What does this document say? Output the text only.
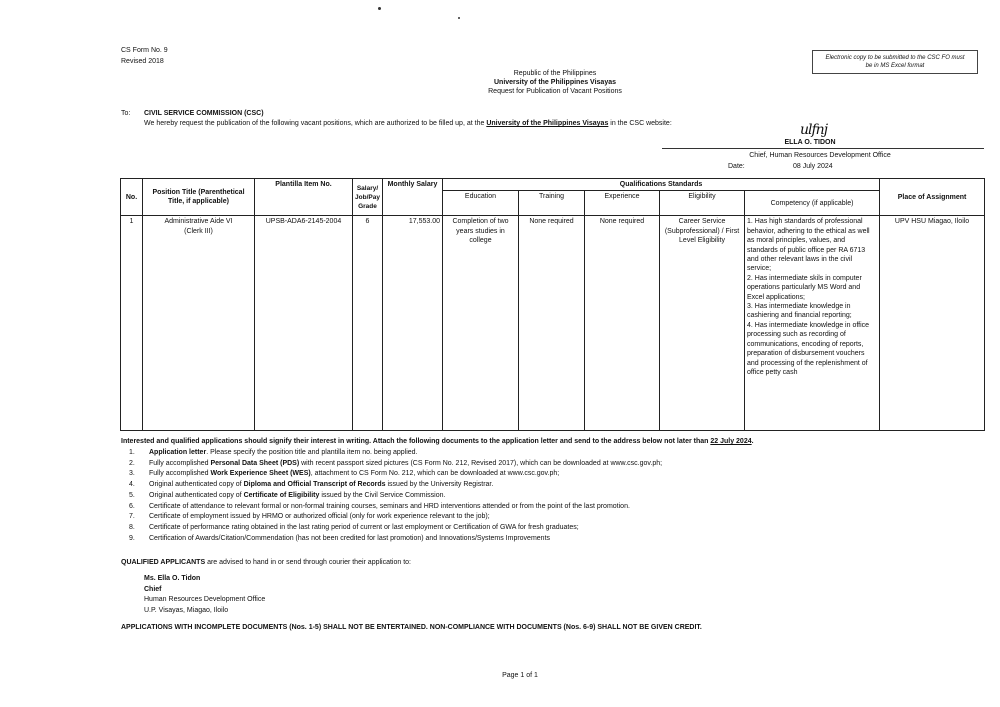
CS Form No. 9
Revised 2018	Electronic copy to be submitted to the CSC FO must
be in MS Excel format
Republic of the Philippines
University of the Philippines Visayas
Request for Publication of Vacant Positions
To: CIVIL SERVICE COMMISSION (CSC)
We hereby request the publication of the following vacant positions, which are authorized to be filled up, at the University of the Philippines Visayas in the CSC website:	ulfnj
ELLA O. TIDON
Chief, Human Resources Development Office
Date:	08 July 2024
No.	Position Title (Parenthetical Title, if applicable)	Plantilla Item No.	Salary/ Job/Pay Grade	Monthly Salary	Qualifications Standards					Place of Assignment
					Education	Training	Experience	Eligibility	Competency (if applicable)	
1	Administrative Aide VI (Clerk III)	UPSB-ADA6-2145-2004	6	17,553.00	Completion of two years studies in college	None required	None required	Career Service (Subprofessional) / First Level Eligibility	1. Has high standards of professional behavior, adhering to the ethical as well as moral principles, values, and standards of public office per RA 6713 and other relevant laws in the civil service;
2. Has intermediate skils in computer operations particularly MS Word and Excel applications;
3. Has intermediate knowledge in cashiering and financial reporting;
4. Has intermediate knowledge in office processing such as recording of communications, encoding of reports, preparation of disbursement vouchers and processing of the replenishment of office petty cash	UPV HSU Miagao, Iloilo
Interested and qualified applications should signify their interest in writing. Attach the following documents to the application letter and send to the address below not later than 22 July 2024.
1. Application letter. Please specify the position title and plantilla item no. being applied.
2. Fully accomplished Personal Data Sheet (PDS) with recent passport sized pictures (CS Form No. 212, Revised 2017), which can be downloaded at www.csc.gov.ph;
3. Fully accomplished Work Experience Sheet (WES), attachment to CS Form No. 212, which can be downloaded at www.csc.gov.ph;
4. Original authenticated copy of Diploma and Official Transcript of Records issued by the University Registrar.
5. Original authenticated copy of Certificate of Eligibility issued by the Civil Service Commission.
6. Certificate of attendance to relevant formal or non-formal training courses, seminars and HRD interventions attended or from the point of the last promotion.
7. Certificate of employment issued by HRMO or authorized official (only for work experience relevant to the job);
8. Certificate of performance rating obtained in the last rating period of current or last employment or Certification of GWA for fresh graduates;
9. Certification of Awards/Citation/Commendation (has not been credited for last promotion) and Innovations/Systems Improvements
QUALIFIED APPLICANTS are advised to hand in or send through courier their application to:
Ms. Ella O. Tidon
Chief
Human Resources Development Office
U.P. Visayas, Miagao, Iloilo
APPLICATIONS WITH INCOMPLETE DOCUMENTS (Nos. 1-5) SHALL NOT BE ENTERTAINED. NON-COMPLIANCE WITH DOCUMENTS (Nos. 6-9) SHALL NOT BE GIVEN CREDIT.
Page 1 of 1
